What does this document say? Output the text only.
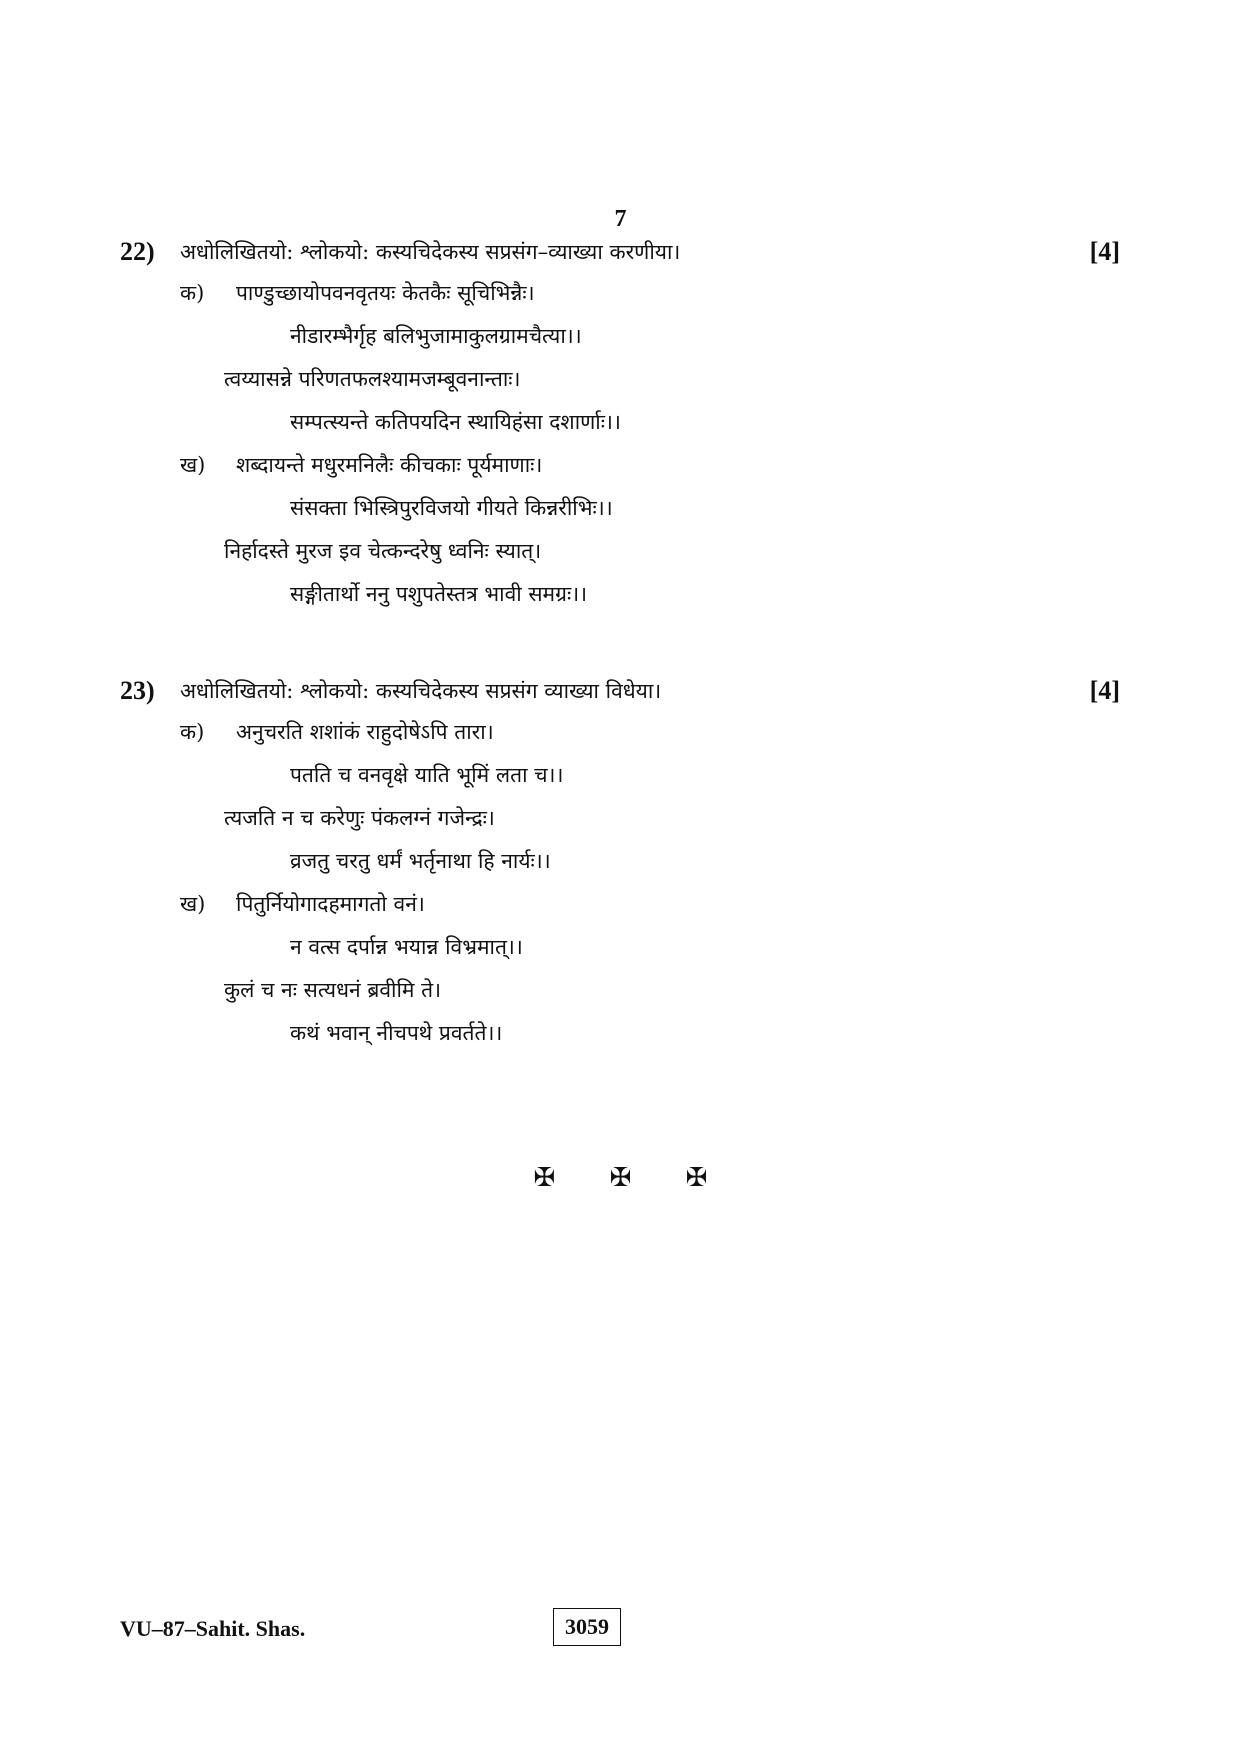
7
22) अधोलिखितयो: श्लोकयो: कस्यचिदेकस्य सप्रसंग–व्याख्या करणीया।	[4]
क) पाण्डुच्छायोपवनवृतयः केतकैः सूचिभिन्नैः।
नीडारम्भैर्गृह बलिभुजामाकुलग्रामचैत्या।।
त्वय्यासन्ने परिणतफलश्यामजम्बूवनान्ताः।
सम्पत्स्यन्ते कतिपयदिन स्थायिहंसा दशार्णाः।।
ख) शब्दायन्ते मधुरमनिलैः कीचकाः पूर्यमाणाः।
संसक्ता भिस्त्रिपुरविजयो गीयते किन्नरीभिः।।
निर्हादस्ते मुरज इव चेत्कन्दरेषु ध्वनिः स्यात्।
सङ्गीतार्थो ननु पशुपतेस्तत्र भावी समग्रः।।
23) अधोलिखितयो: श्लोकयो: कस्यचिदेकस्य सप्रसंग व्याख्या विधेया।	[4]
क) अनुचरति शशांकं राहुदोषेऽपि तारा।
पतति च वनवृक्षे याति भूमिं लता च।।
त्यजति न च करेणुः पंकलग्नं गजेन्द्रः।
व्रजतु चरतु धर्मं भर्तृनाथा हि नार्यः।।
ख) पितुर्नियोगादहमागतो वनं।
न वत्स दर्पान्न भयान्न विभ्रमात्।।
कुलं च नः सत्यधनं ब्रवीमि ते।
कथं भवान् नीचपथे प्रवर्तते।।
✠ ✠ ✠
VU–87–Sahit. Shas.	3059
